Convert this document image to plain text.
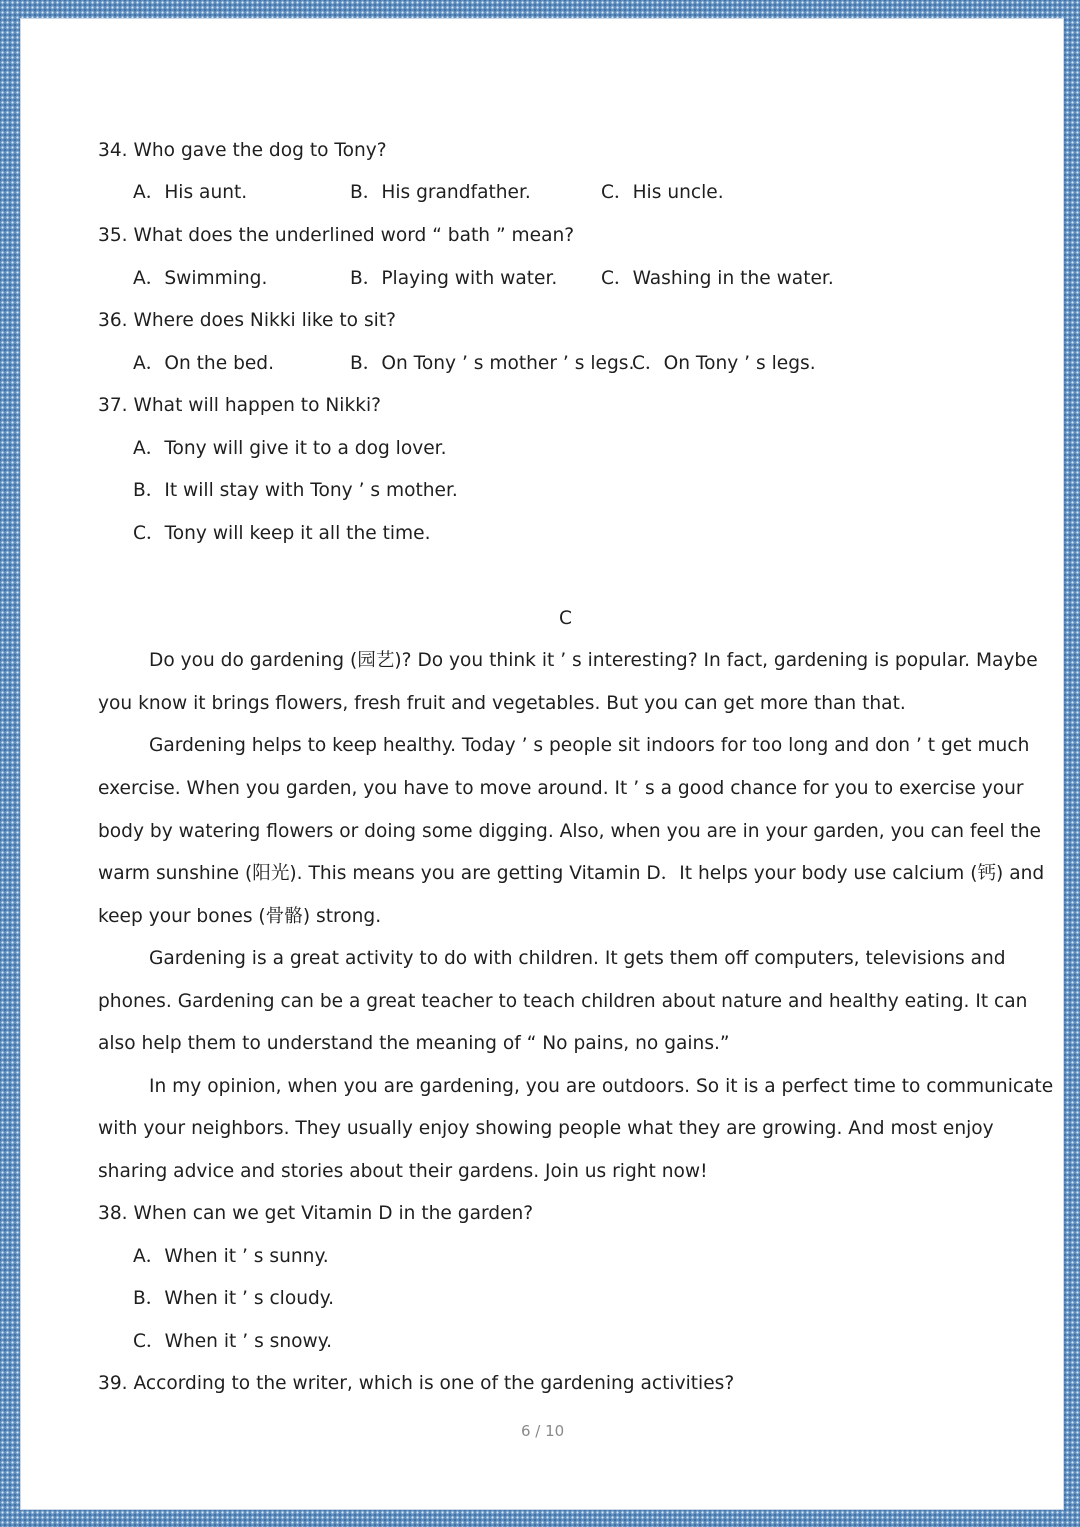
34. Who gave the dog to Tony?
A．His aunt.	B．His grandfather.	C．His uncle.
35. What does the underlined word “ bath ” mean?
A．Swimming.	B．Playing with water. C．Washing in the water.
36. Where does Nikki like to sit?
A．On the bed.	B．On Tony ’ s mother ’ s legs.
C．On Tony ’ s legs.
37. What will happen to Nikki?
A．Tony will give it to a dog lover.
B．It will stay with Tony ’ s mother.
C．Tony will keep it all the time.
C
Do you do gardening (园艺)? Do you think it ’ s interesting? In fact, gardening is popular. Maybe
you know it brings flowers, fresh fruit and vegetables. But you can get more than that.
Gardening helps to keep healthy. Today ’ s people sit indoors for too long and don ’ t get much
exercise. When you garden, you have to move around. It ’ s a good chance for you to exercise your
body by watering flowers or doing some digging. Also, when you are in your garden, you can feel the
warm sunshine (阳光). This means you are getting Vitamin D．It helps your body use calcium (钙) and
keep your bones (骨骼) strong.
Gardening is a great activity to do with children. It gets them off computers, televisions and
phones. Gardening can be a great teacher to teach children about nature and healthy eating. It can
also help them to understand the meaning of “ No pains, no gains.”
In my opinion, when you are gardening, you are outdoors. So it is a perfect time to communicate
with your neighbors. They usually enjoy showing people what they are growing. And most enjoy
sharing advice and stories about their gardens. Join us right now!
38. When can we get Vitamin D in the garden?
A．When it ’ s sunny.
B．When it ’ s cloudy.
C．When it ’ s snowy.
39. According to the writer, which is one of the gardening activities?
6 / 10
